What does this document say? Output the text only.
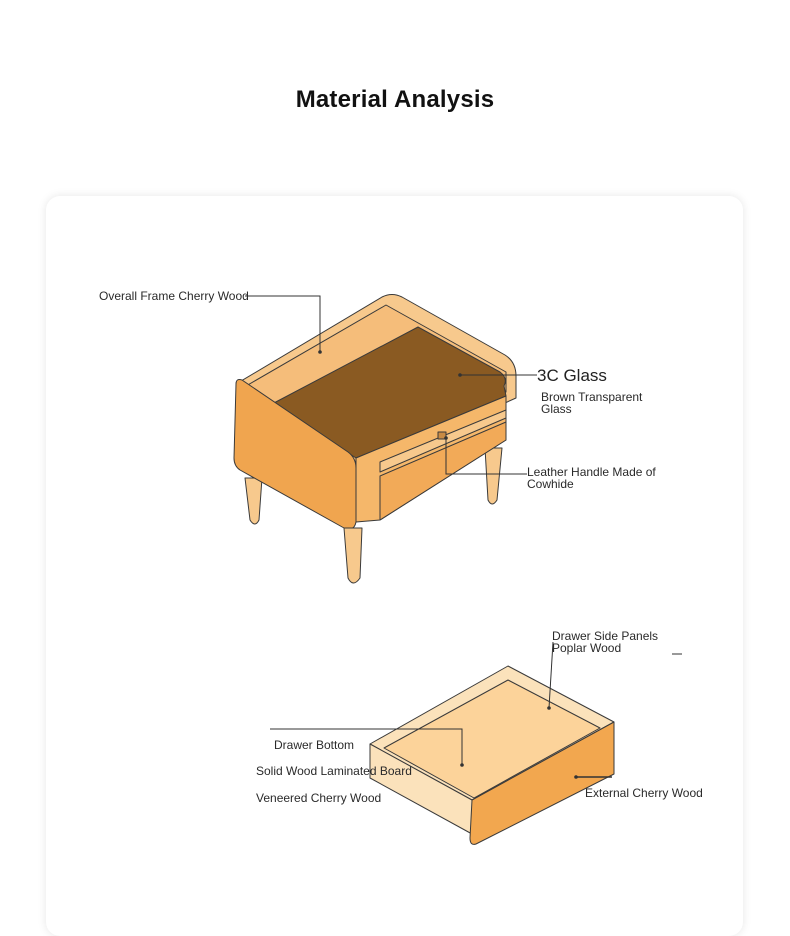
Material Analysis
Overall Frame Cherry Wood
3C Glass
Brown Transparent Glass
Leather Handle Made of Cowhide
Drawer Side Panels Poplar Wood
Drawer Bottom
Solid Wood Laminated Board
Veneered Cherry Wood	External Cherry Wood
